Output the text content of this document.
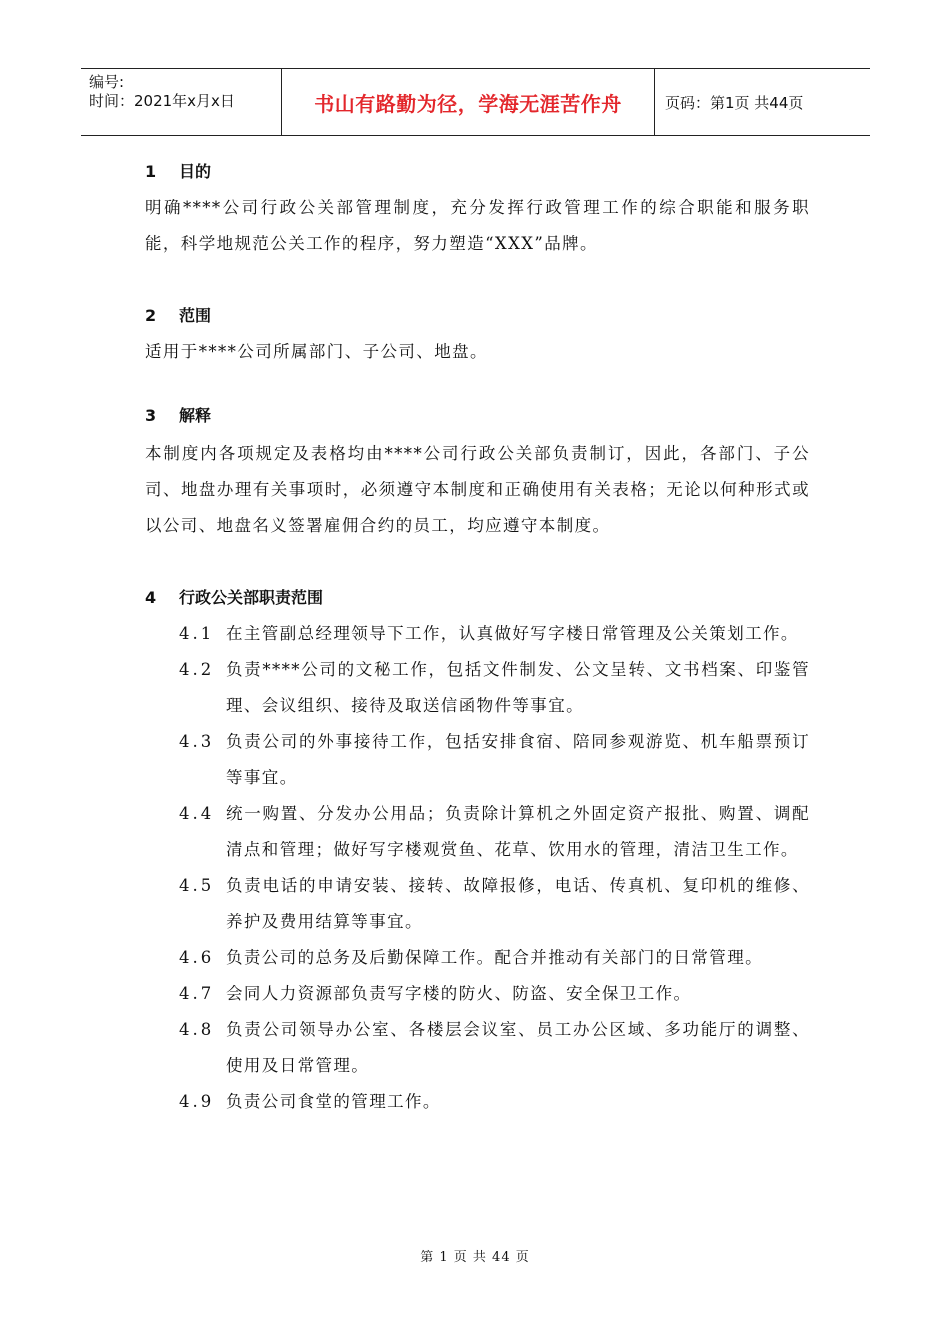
编号:
时间：2021年x月x日	书山有路勤为径，学海无涯苦作舟	页码：第1页 共44页
1	目的

明确****公司行政公关部管理制度，充分发挥行政管理工作的综合职能和服务职能，科学地规范公关工作的程序，努力塑造“XXX”品牌。

2	范围

适用于****公司所属部门、子公司、地盘。

3	解释

本制度内各项规定及表格均由****公司行政公关部负责制订，因此，各部门、子公司、地盘办理有关事项时，必须遵守本制度和正确使用有关表格；无论以何种形式或以公司、地盘名义签署雇佣合约的员工，均应遵守本制度。

4	行政公关部职责范围
4.1 在主管副总经理领导下工作，认真做好写字楼日常管理及公关策划工作。
4.2 负责****公司的文秘工作，包括文件制发、公文呈转、文书档案、印鉴管理、会议组织、接待及取送信函物件等事宜。
4.3 负责公司的外事接待工作，包括安排食宿、陪同参观游览、机车船票预订等事宜。
4.4 统一购置、分发办公用品；负责除计算机之外固定资产报批、购置、调配清点和管理；做好写字楼观赏鱼、花草、饮用水的管理，清洁卫生工作。
4.5 负责电话的申请安装、接转、故障报修，电话、传真机、复印机的维修、养护及费用结算等事宜。
4.6 负责公司的总务及后勤保障工作。配合并推动有关部门的日常管理。
4.7 会同人力资源部负责写字楼的防火、防盗、安全保卫工作。
4.8 负责公司领导办公室、各楼层会议室、员工办公区域、多功能厅的调整、使用及日常管理。
4.9 负责公司食堂的管理工作。
第 1 页 共 44 页
